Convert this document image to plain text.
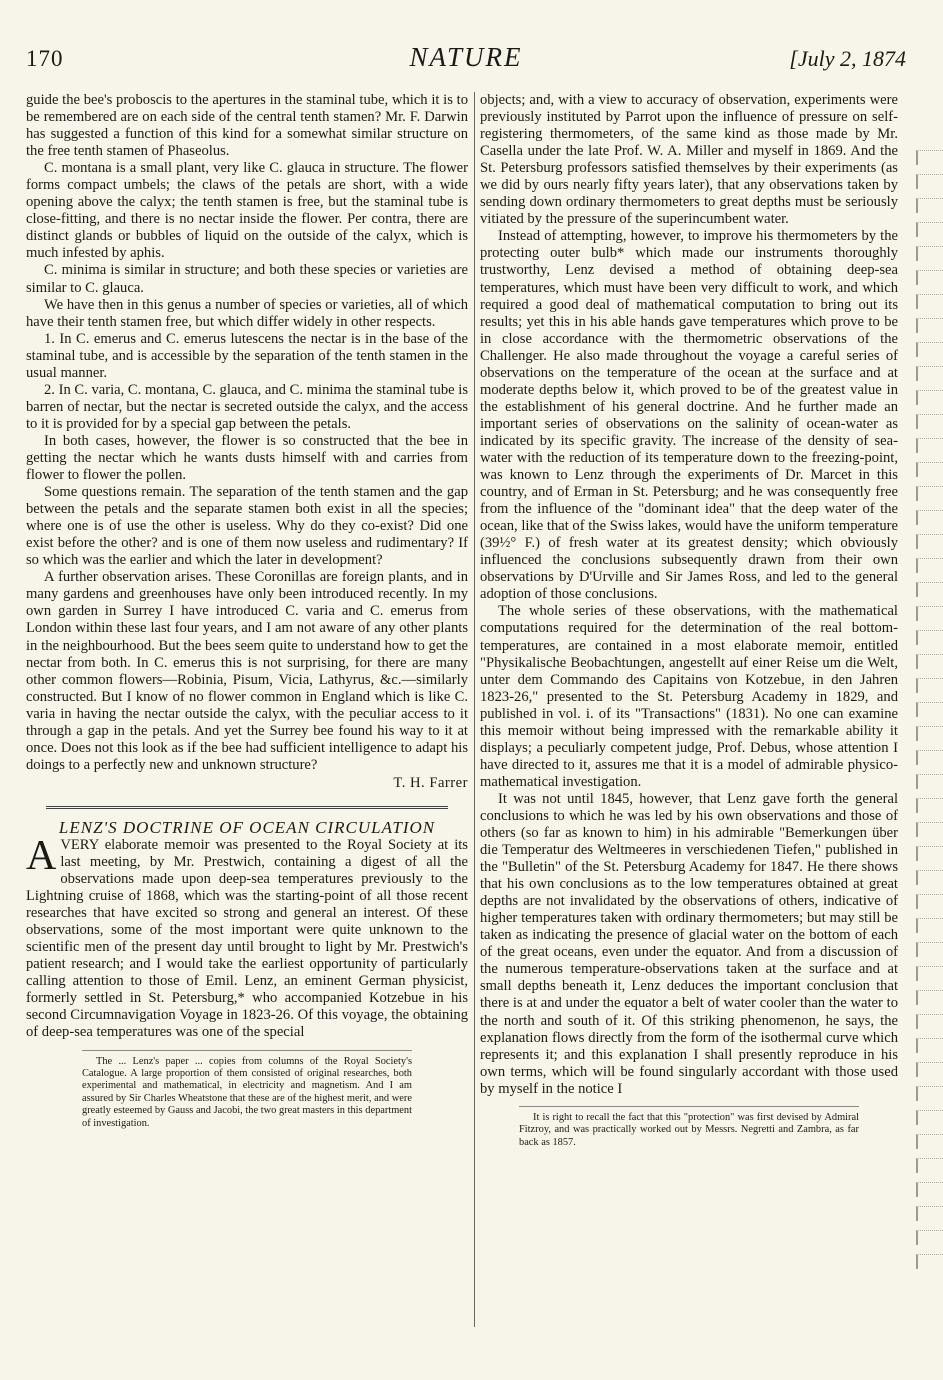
170	NATURE	[July 2, 1874

guide the bee's proboscis to the apertures in the staminal tube, which it is to be remembered are on each side of the central tenth stamen? Mr. F. Darwin has suggested a function of this kind for a somewhat similar structure on the free tenth stamen of Phaseolus.

C. montana is a small plant, very like C. glauca in structure. The flower forms compact umbels; the claws of the petals are short, with a wide opening above the calyx; the tenth stamen is free, but the staminal tube is close-fitting, and there is no nectar inside the flower. Per contra, there are distinct glands or bubbles of liquid on the outside of the calyx, which is much infested by aphis.

C. minima is similar in structure; and both these species or varieties are similar to C. glauca.

We have then in this genus a number of species or varieties, all of which have their tenth stamen free, but which differ widely in other respects.

1. In C. emerus and C. emerus lutescens the nectar is in the base of the staminal tube, and is accessible by the separation of the tenth stamen in the usual manner.

2. In C. varia, C. montana, C. glauca, and C. minima the staminal tube is barren of nectar, but the nectar is secreted outside the calyx, and the access to it is provided for by a special gap between the petals.

In both cases, however, the flower is so constructed that the bee in getting the nectar which he wants dusts himself with and carries from flower to flower the pollen.

Some questions remain. The separation of the tenth stamen and the gap between the petals and the separate stamen both exist in all the species; where one is of use the other is useless. Why do they co-exist? Did one exist before the other? and is one of them now useless and rudimentary? If so which was the earlier and which the later in development?

A further observation arises. These Coronillas are foreign plants, and in many gardens and greenhouses have only been introduced recently. In my own garden in Surrey I have introduced C. varia and C. emerus from London within these last four years, and I am not aware of any other plants in the neighbourhood. But the bees seem quite to understand how to get the nectar from both. In C. emerus this is not surprising, for there are many other common flowers—Robinia, Pisum, Vicia, Lathyrus, &c.—similarly constructed. But I know of no flower common in England which is like C. varia in having the nectar outside the calyx, with the peculiar access to it through a gap in the petals. And yet the Surrey bee found his way to it at once. Does not this look as if the bee had sufficient intelligence to adapt his doings to a perfectly new and unknown structure?

T. H. Farrer
LENZ'S DOCTRINE OF OCEAN CIRCULATION
A VERY elaborate memoir was presented to the Royal Society at its last meeting, by Mr. Prestwich, containing a digest of all the observations made upon deep-sea temperatures previously to the Lightning cruise of 1868, which was the starting-point of all those recent researches that have excited so strong and general an interest. Of these observations, some of the most important were quite unknown to the scientific men of the present day until brought to light by Mr. Prestwich's patient research; and I would take the earliest opportunity of particularly calling attention to those of Emil. Lenz, an eminent German physicist, formerly settled in St. Petersburg,* who accompanied Kotzebue in his second Circumnavigation Voyage in 1823-26. Of this voyage, the obtaining of deep-sea temperatures was one of the special

The ... Lenz's paper ... copies from columns of the Royal Society's Catalogue. A large proportion of them consisted of original researches, both experimental and mathematical, in electricity and magnetism. And I am assured by Sir Charles Wheatstone that these are of the highest merit, and were greatly esteemed by Gauss and Jacobi, the two great masters in this department of investigation.

objects; and, with a view to accuracy of observation, experiments were previously instituted by Parrot upon the influence of pressure on self-registering thermometers, of the same kind as those made by Mr. Casella under the late Prof. W. A. Miller and myself in 1869. And the St. Petersburg professors satisfied themselves by their experiments (as we did by ours nearly fifty years later), that any observations taken by sending down ordinary thermometers to great depths must be seriously vitiated by the pressure of the superincumbent water.

Instead of attempting, however, to improve his thermometers by the protecting outer bulb* which made our instruments thoroughly trustworthy, Lenz devised a method of obtaining deep-sea temperatures, which must have been very difficult to work, and which required a good deal of mathematical computation to bring out its results; yet this in his able hands gave temperatures which prove to be in close accordance with the thermometric observations of the Challenger. He also made throughout the voyage a careful series of observations on the temperature of the ocean at the surface and at moderate depths below it, which proved to be of the greatest value in the establishment of his general doctrine. And he further made an important series of observations on the salinity of ocean-water as indicated by its specific gravity. The increase of the density of sea-water with the reduction of its temperature down to the freezing-point, was known to Lenz through the experiments of Dr. Marcet in this country, and of Erman in St. Petersburg; and he was consequently free from the influence of the "dominant idea" that the deep water of the ocean, like that of the Swiss lakes, would have the uniform temperature (39½° F.) of fresh water at its greatest density; which obviously influenced the conclusions subsequently drawn from their own observations by D'Urville and Sir James Ross, and led to the general adoption of those conclusions.

The whole series of these observations, with the mathematical computations required for the determination of the real bottom-temperatures, are contained in a most elaborate memoir, entitled "Physikalische Beobachtungen, angestellt auf einer Reise um die Welt, unter dem Commando des Capitains von Kotzebue, in den Jahren 1823-26," presented to the St. Petersburg Academy in 1829, and published in vol. i. of its "Transactions" (1831). No one can examine this memoir without being impressed with the remarkable ability it displays; a peculiarly competent judge, Prof. Debus, whose attention I have directed to it, assures me that it is a model of admirable physico-mathematical investigation.

It was not until 1845, however, that Lenz gave forth the general conclusions to which he was led by his own observations and those of others (so far as known to him) in his admirable "Bemerkungen über die Temperatur des Weltmeeres in verschiedenen Tiefen," published in the "Bulletin" of the St. Petersburg Academy for 1847. He there shows that his own conclusions as to the low temperatures obtained at great depths are not invalidated by the observations of others, indicative of higher temperatures taken with ordinary thermometers; but may still be taken as indicating the presence of glacial water on the bottom of each of the great oceans, even under the equator. And from a discussion of the numerous temperature-observations taken at the surface and at small depths beneath it, Lenz deduces the important conclusion that there is at and under the equator a belt of water cooler than the water to the north and south of it. Of this striking phenomenon, he says, the explanation flows directly from the form of the isothermal curve which represents it; and this explanation I shall presently reproduce in his own terms, which will be found singularly accordant with those used by myself in the notice I

It is right to recall the fact that this "protection" was first devised by Admiral Fitzroy, and was practically worked out by Messrs. Negretti and Zambra, as far back as 1857.
